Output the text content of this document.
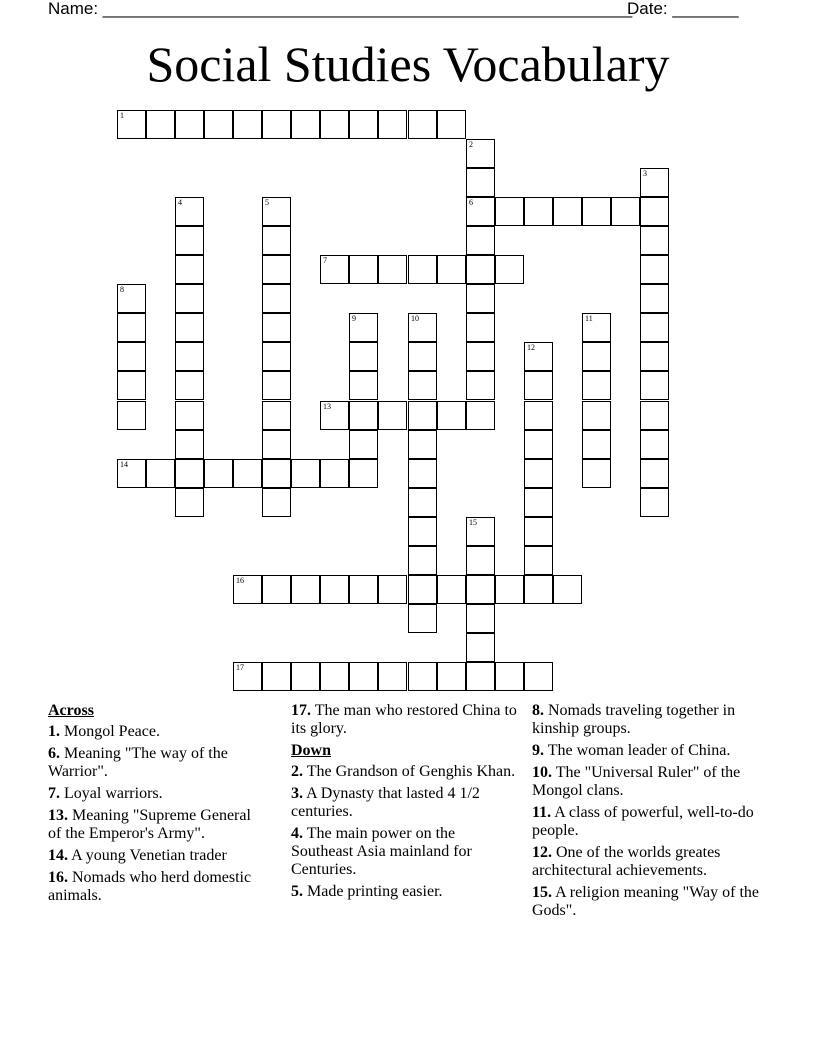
Name: ________________________________________________________
Date: _______
Social Studies Vocabulary
1
6
7
13
14
16
17
2
3
4	5
8
9	10	11
12
15
Across
1. Mongol Peace.
6. Meaning "The way of the Warrior".
7. Loyal warriors.
13. Meaning "Supreme General of the Emperor's Army".
14. A young Venetian trader
16. Nomads who herd domestic animals.
17. The man who restored China to its glory.
Down
2. The Grandson of Genghis Khan.
3. A Dynasty that lasted 4 1/2 centuries.
4. The main power on the Southeast Asia mainland for Centuries.
5. Made printing easier.
8. Nomads traveling together in kinship groups.
9. The woman leader of China.
10. The "Universal Ruler" of the Mongol clans.
11. A class of powerful, well-to-do people.
12. One of the worlds greates architectural achievements.
15. A religion meaning "Way of the Gods".
